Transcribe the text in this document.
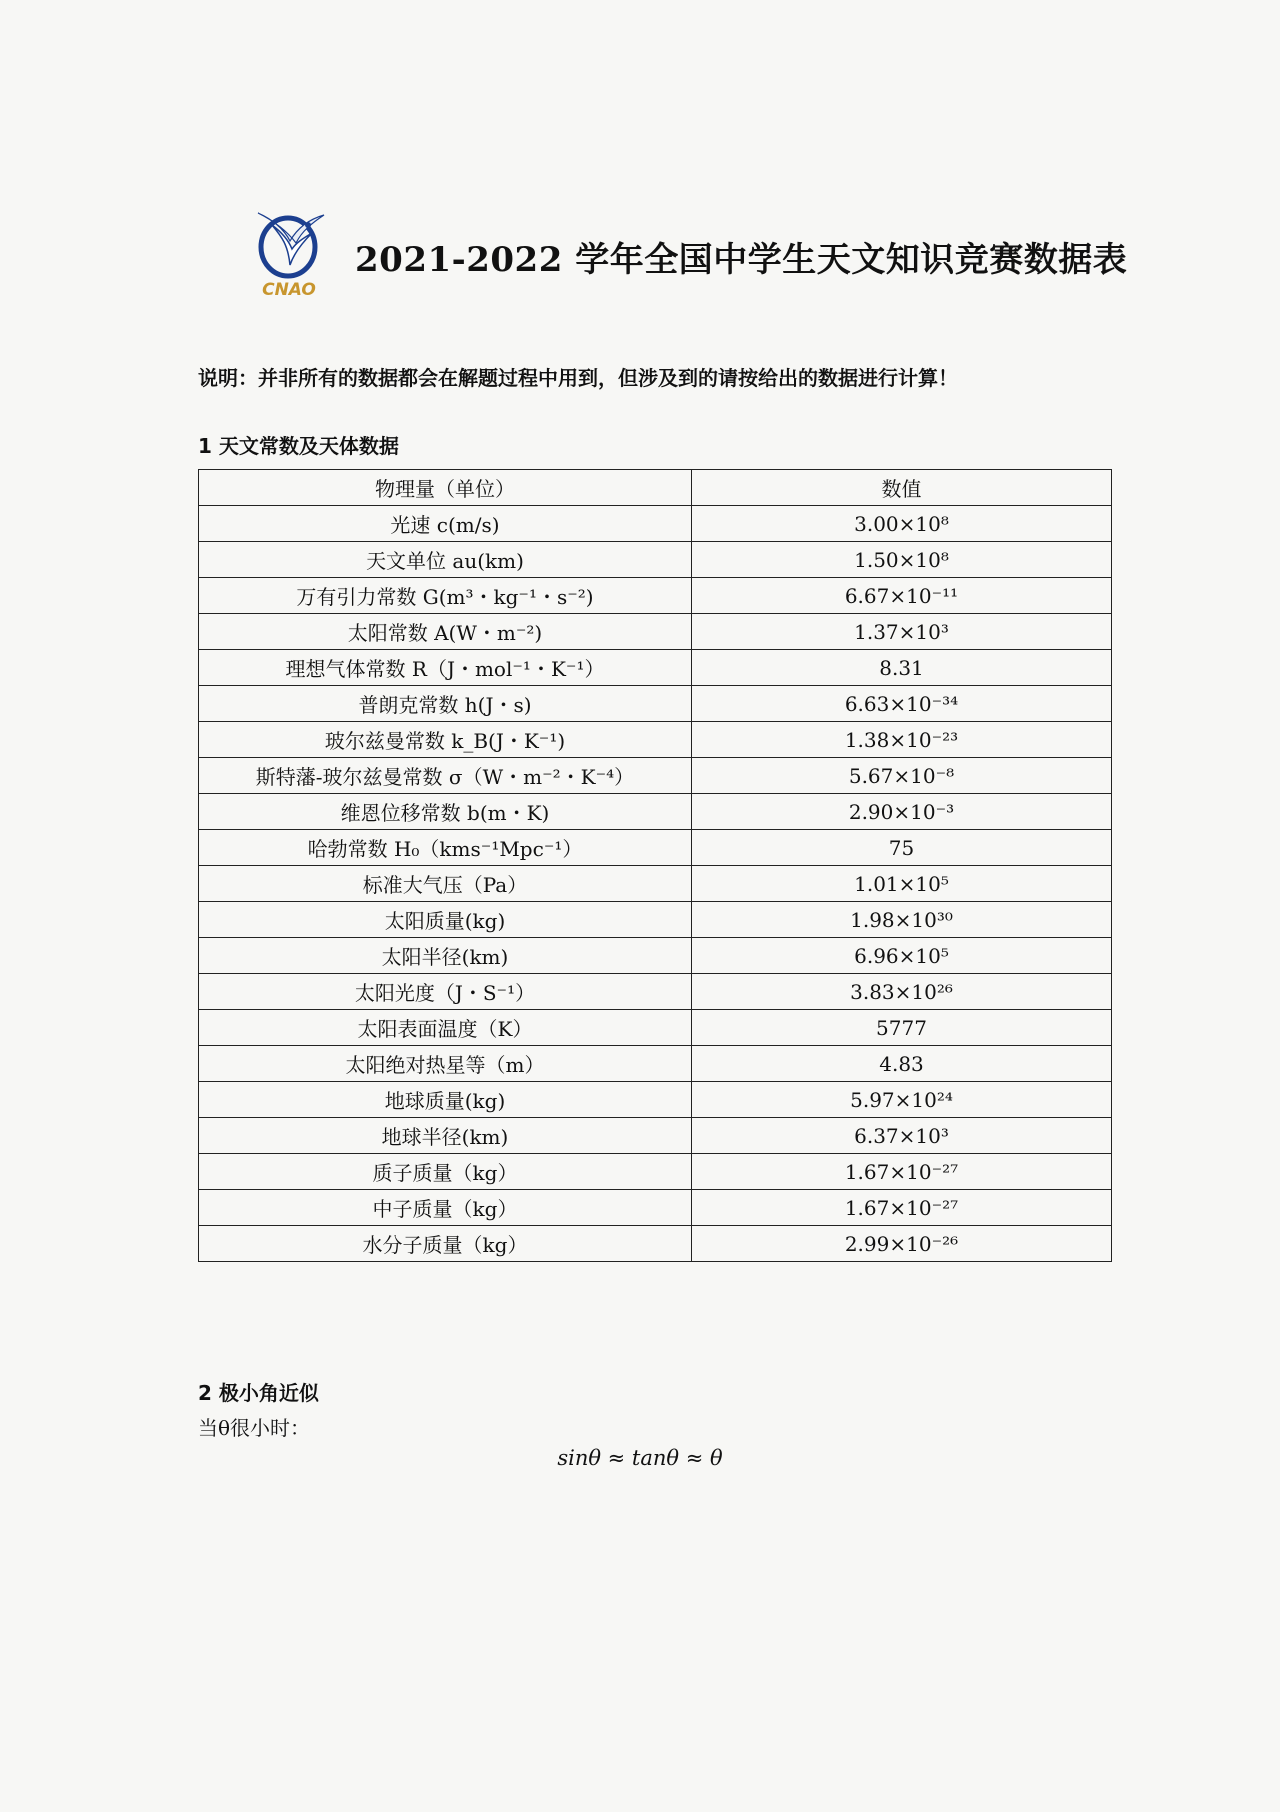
CNAO
2021-2022 学年全国中学生天文知识竞赛数据表
说明：并非所有的数据都会在解题过程中用到，但涉及到的请按给出的数据进行计算！
1 天文常数及天体数据
物理量（单位）	数值
光速 c(m/s)	3.00×10⁸
天文单位 au(km)	1.50×10⁸
万有引力常数 G(m³・kg⁻¹・s⁻²)	6.67×10⁻¹¹
太阳常数 A(W・m⁻²)	1.37×10³
理想气体常数 R（J・mol⁻¹・K⁻¹）	8.31
普朗克常数 h(J・s)	6.63×10⁻³⁴
玻尔兹曼常数 k_B(J・K⁻¹)	1.38×10⁻²³
斯特藩-玻尔兹曼常数 σ（W・m⁻²・K⁻⁴）	5.67×10⁻⁸
维恩位移常数 b(m・K)	2.90×10⁻³
哈勃常数 H₀（kms⁻¹Mpc⁻¹）	75
标准大气压（Pa）	1.01×10⁵
太阳质量(kg)	1.98×10³⁰
太阳半径(km)	6.96×10⁵
太阳光度（J・S⁻¹）	3.83×10²⁶
太阳表面温度（K）	5777
太阳绝对热星等（m）	4.83
地球质量(kg)	5.97×10²⁴
地球半径(km)	6.37×10³
质子质量（kg）	1.67×10⁻²⁷
中子质量（kg）	1.67×10⁻²⁷
水分子质量（kg）	2.99×10⁻²⁶
2 极小角近似
当θ很小时：
sinθ ≈ tanθ ≈ θ
